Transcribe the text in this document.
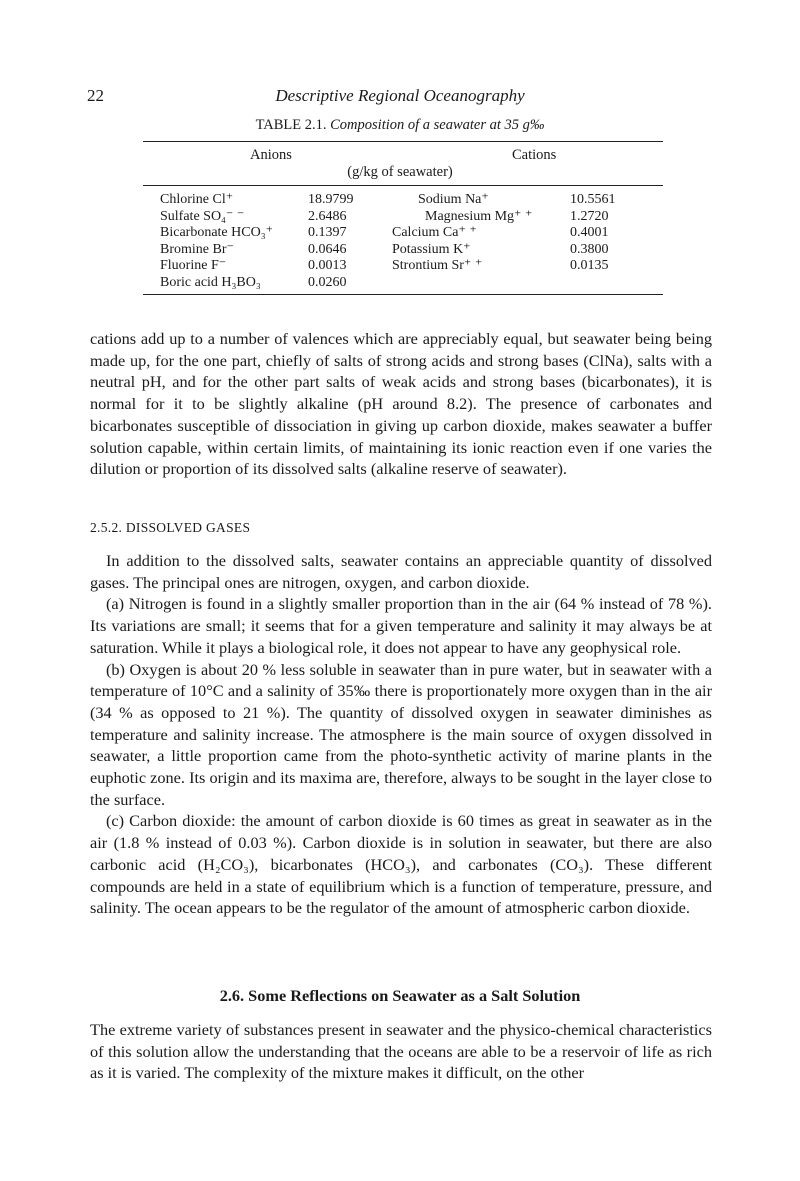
22	Descriptive Regional Oceanography
TABLE 2.1. Composition of a seawater at 35 g‰
Anions	Cations
(g/kg of seawater)
Chlorine Cl⁺	18.9799	Sodium Na⁺	10.5561
Sulfate SO₄⁻ ⁻	2.6486	Magnesium Mg⁺ ⁺	1.2720
Bicarbonate HCO₃⁺	0.1397	Calcium Ca⁺ ⁺	0.4001
Bromine Br⁻	0.0646	Potassium K⁺	0.3800
Fluorine F⁻	0.0013	Strontium Sr⁺ ⁺	0.0135
Boric acid H₃BO₃	0.0260

cations add up to a number of valences which are appreciably equal, but seawater being being made up, for the one part, chiefly of salts of strong acids and strong bases (ClNa), salts with a neutral pH, and for the other part salts of weak acids and strong bases (bicarbonates), it is normal for it to be slightly alkaline (pH around 8.2). The presence of carbonates and bicarbonates susceptible of dissociation in giving up carbon dioxide, makes seawater a buffer solution capable, within certain limits, of maintaining its ionic reaction even if one varies the dilution or proportion of its dissolved salts (alkaline reserve of seawater).

2.5.2. DISSOLVED GASES

In addition to the dissolved salts, seawater contains an appreciable quantity of dissolved gases. The principal ones are nitrogen, oxygen, and carbon dioxide.

(a) Nitrogen is found in a slightly smaller proportion than in the air (64 % instead of 78 %). Its variations are small; it seems that for a given temperature and salinity it may always be at saturation. While it plays a biological role, it does not appear to have any geophysical role.

(b) Oxygen is about 20 % less soluble in seawater than in pure water, but in seawater with a temperature of 10°C and a salinity of 35‰ there is proportionately more oxygen than in the air (34 % as opposed to 21 %). The quantity of dissolved oxygen in seawater diminishes as temperature and salinity increase. The atmosphere is the main source of oxygen dissolved in seawater, a little proportion came from the photo-synthetic activity of marine plants in the euphotic zone. Its origin and its maxima are, therefore, always to be sought in the layer close to the surface.

(c) Carbon dioxide: the amount of carbon dioxide is 60 times as great in seawater as in the air (1.8 % instead of 0.03 %). Carbon dioxide is in solution in seawater, but there are also carbonic acid (H₂CO₃), bicarbonates (HCO₃), and carbonates (CO₃). These different compounds are held in a state of equilibrium which is a function of temperature, pressure, and salinity. The ocean appears to be the regulator of the amount of atmospheric carbon dioxide.

2.6. Some Reflections on Seawater as a Salt Solution

The extreme variety of substances present in seawater and the physico-chemical characteristics of this solution allow the understanding that the oceans are able to be a reservoir of life as rich as it is varied. The complexity of the mixture makes it difficult, on the other
